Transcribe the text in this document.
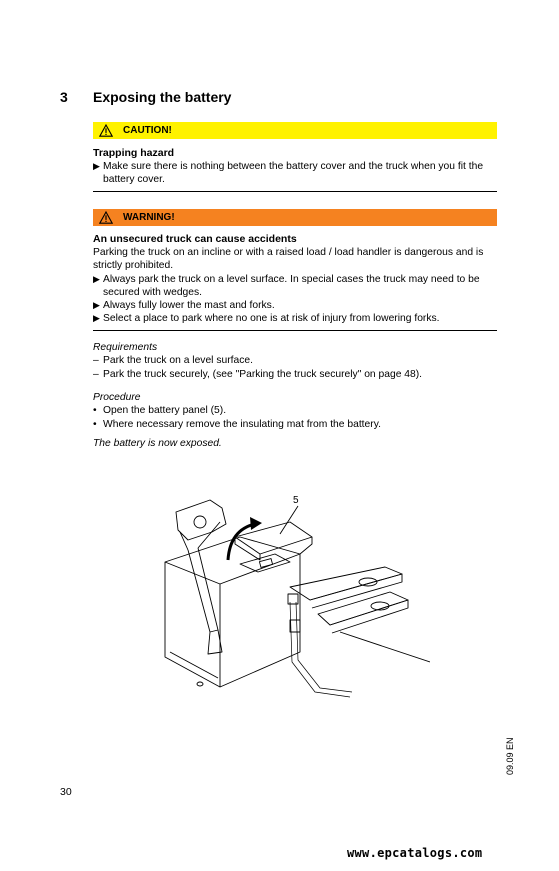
3 Exposing the battery
CAUTION!
Trapping hazard
▶ Make sure there is nothing between the battery cover and the truck when you fit the battery cover.
WARNING!
An unsecured truck can cause accidents
Parking the truck on an incline or with a raised load / load handler is dangerous and is strictly prohibited.
▶ Always park the truck on a level surface. In special cases the truck may need to be secured with wedges.
▶ Always fully lower the mast and forks.
▶ Select a place to park where no one is at risk of injury from lowering forks.
Requirements
– Park the truck on a level surface.
– Park the truck securely, (see "Parking the truck securely" on page 48).
Procedure
• Open the battery panel (5).
• Where necessary remove the insulating mat from the battery.
The battery is now exposed.
5
30
09.09 EN
www.epcatalogs.com
